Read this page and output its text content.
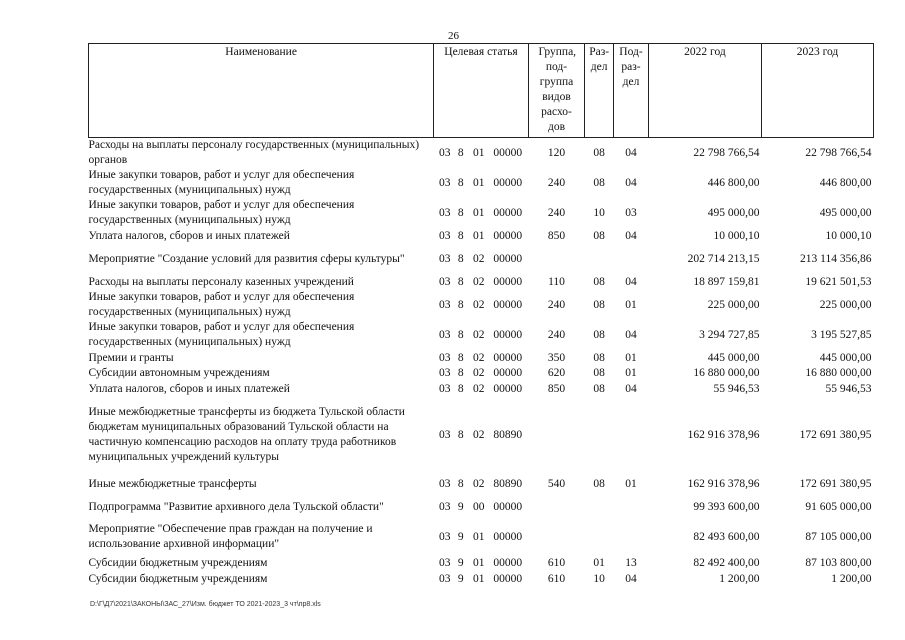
26
Наименование	Целевая статья	Группа, под- группа видов расхо- дов	Раз- дел	Под- раз- дел	2022 год	2023 год
Расходы на выплаты персоналу государственных (муниципальных) органов	03 8 01 00000	120	08	04	22 798 766,54	22 798 766,54
Иные закупки товаров, работ и услуг для обеспечения государственных (муниципальных) нужд	03 8 01 00000	240	08	04	446 800,00	446 800,00
Иные закупки товаров, работ и услуг для обеспечения государственных (муниципальных) нужд	03 8 01 00000	240	10	03	495 000,00	495 000,00
Уплата налогов, сборов и иных платежей	03 8 01 00000	850	08	04	10 000,10	10 000,10
Мероприятие "Создание условий для развития сферы культуры"	03 8 02 00000				202 714 213,15	213 114 356,86
Расходы на выплаты персоналу казенных учреждений	03 8 02 00000	110	08	04	18 897 159,81	19 621 501,53
Иные закупки товаров, работ и услуг для обеспечения государственных (муниципальных) нужд	03 8 02 00000	240	08	01	225 000,00	225 000,00
Иные закупки товаров, работ и услуг для обеспечения государственных (муниципальных) нужд	03 8 02 00000	240	08	04	3 294 727,85	3 195 527,85
Премии и гранты	03 8 02 00000	350	08	01	445 000,00	445 000,00
Субсидии автономным учреждениям	03 8 02 00000	620	08	01	16 880 000,00	16 880 000,00
Уплата налогов, сборов и иных платежей	03 8 02 00000	850	08	04	55 946,53	55 946,53
Иные межбюджетные трансферты из бюджета Тульской области бюджетам муниципальных образований Тульской области на частичную компенсацию расходов на оплату труда работников муниципальных учреждений культуры	03 8 02 80890				162 916 378,96	172 691 380,95
Иные межбюджетные трансферты	03 8 02 80890	540	08	01	162 916 378,96	172 691 380,95
Подпрограмма "Развитие архивного дела Тульской области"	03 9 00 00000				99 393 600,00	91 605 000,00
Мероприятие "Обеспечение прав граждан на получение и использование архивной информации"	03 9 01 00000				82 493 600,00	87 105 000,00
Субсидии бюджетным учреждениям	03 9 01 00000	610	01	13	82 492 400,00	87 103 800,00
Субсидии бюджетным учреждениям	03 9 01 00000	610	10	04	1 200,00	1 200,00
D:\Г\Д7\2021\ЗАКОНЫ\ЗАС_27\Изм. бюджет ТО 2021-2023_3 чт\пр8.xls
